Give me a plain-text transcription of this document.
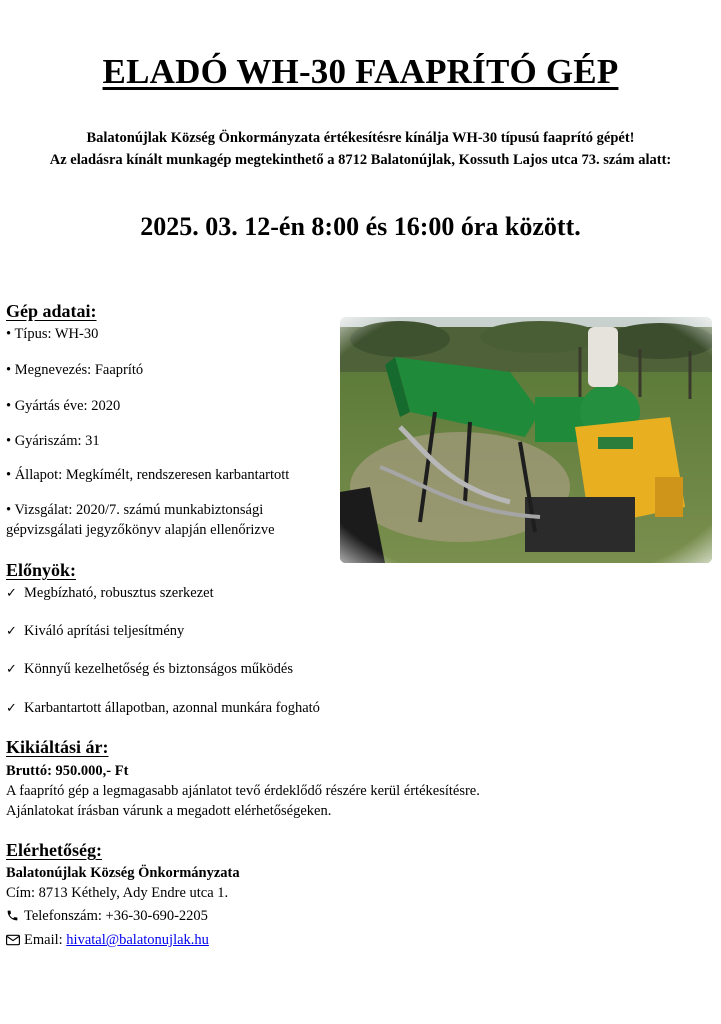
ELADÓ WH-30 FAAPRÍTÓ GÉP
Balatonújlak Község Önkormányzata értékesítésre kínálja WH-30 típusú faaprító gépét!
Az eladásra kínált munkagép megtekinthető a 8712 Balatonújlak, Kossuth Lajos utca 73. szám alatt:
2025. 03. 12-én 8:00 és 16:00 óra között.
Gép adatai:
• Típus: WH-30
• Megnevezés: Faaprító
• Gyártás éve: 2020
• Gyáriszám: 31
• Állapot: Megkímélt, rendszeresen karbantartott
• Vizsgálat: 2020/7. számú munkabiztonsági
gépvizsgálati jegyzőkönyv alapján ellenőrizve
Előnyök:
✓ Megbízható, robusztus szerkezet
✓ Kiváló aprítási teljesítmény
✓ Könnyű kezelhetőség és biztonságos működés
✓ Karbantartott állapotban, azonnal munkára fogható
Kikiáltási ár:
Bruttó: 950.000,- Ft
A faaprító gép a legmagasabb ajánlatot tevő érdeklődő részére kerül értékesítésre.
Ajánlatokat írásban várunk a megadott elérhetőségeken.
Elérhetőség:
Balatonújlak Község Önkormányzata
Cím: 8713 Kéthely, Ady Endre utca 1.
Telefonszám: +36-30-690-2205
Email: hivatal@balatonujlak.hu
